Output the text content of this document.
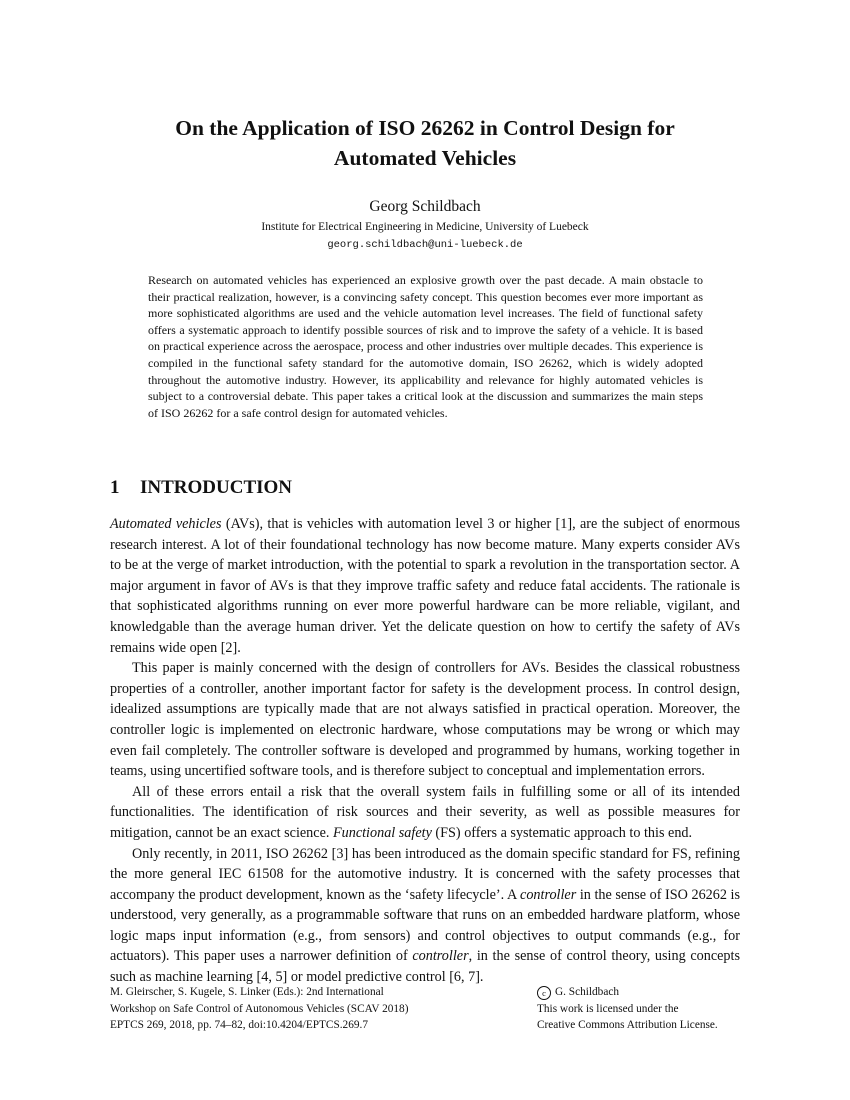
On the Application of ISO 26262 in Control Design for
Automated Vehicles
Georg Schildbach
Institute for Electrical Engineering in Medicine, University of Luebeck
georg.schildbach@uni-luebeck.de

Research on automated vehicles has experienced an explosive growth over the past decade. A main obstacle to their practical realization, however, is a convincing safety concept. This question becomes ever more important as more sophisticated algorithms are used and the vehicle automation level increases. The field of functional safety offers a systematic approach to identify possible sources of risk and to improve the safety of a vehicle. It is based on practical experience across the aerospace, process and other industries over multiple decades. This experience is compiled in the functional safety standard for the automotive domain, ISO 26262, which is widely adopted throughout the automotive industry. However, its applicability and relevance for highly automated vehicles is subject to a controversial debate. This paper takes a critical look at the discussion and summarizes the main steps of ISO 26262 for a safe control design for automated vehicles.

1 INTRODUCTION

Automated vehicles (AVs), that is vehicles with automation level 3 or higher [1], are the subject of enormous research interest. A lot of their foundational technology has now become mature. Many experts consider AVs to be at the verge of market introduction, with the potential to spark a revolution in the transportation sector. A major argument in favor of AVs is that they improve traffic safety and reduce fatal accidents. The rationale is that sophisticated algorithms running on ever more powerful hardware can be more reliable, vigilant, and knowledgable than the average human driver. Yet the delicate question on how to certify the safety of AVs remains wide open [2].

This paper is mainly concerned with the design of controllers for AVs. Besides the classical robustness properties of a controller, another important factor for safety is the development process. In control design, idealized assumptions are typically made that are not always satisfied in practical operation. Moreover, the controller logic is implemented on electronic hardware, whose computations may be wrong or which may even fail completely. The controller software is developed and programmed by humans, working together in teams, using uncertified software tools, and is therefore subject to conceptual and implementation errors.

All of these errors entail a risk that the overall system fails in fulfilling some or all of its intended functionalities. The identification of risk sources and their severity, as well as possible measures for mitigation, cannot be an exact science. Functional safety (FS) offers a systematic approach to this end.

Only recently, in 2011, ISO 26262 [3] has been introduced as the domain specific standard for FS, refining the more general IEC 61508 for the automotive industry. It is concerned with the safety processes that accompany the product development, known as the ‘safety lifecycle’. A controller in the sense of ISO 26262 is understood, very generally, as a programmable software that runs on an embedded hardware platform, whose logic maps input information (e.g., from sensors) and control objectives to output commands (e.g., for actuators). This paper uses a narrower definition of controller, in the sense of control theory, using concepts such as machine learning [4, 5] or model predictive control [6, 7].

M. Gleirscher, S. Kugele, S. Linker (Eds.): 2nd International
Workshop on Safe Control of Autonomous Vehicles (SCAV 2018)
EPTCS 269, 2018, pp. 74–82, doi:10.4204/EPTCS.269.7
c G. Schildbach
This work is licensed under the
Creative Commons Attribution License.
